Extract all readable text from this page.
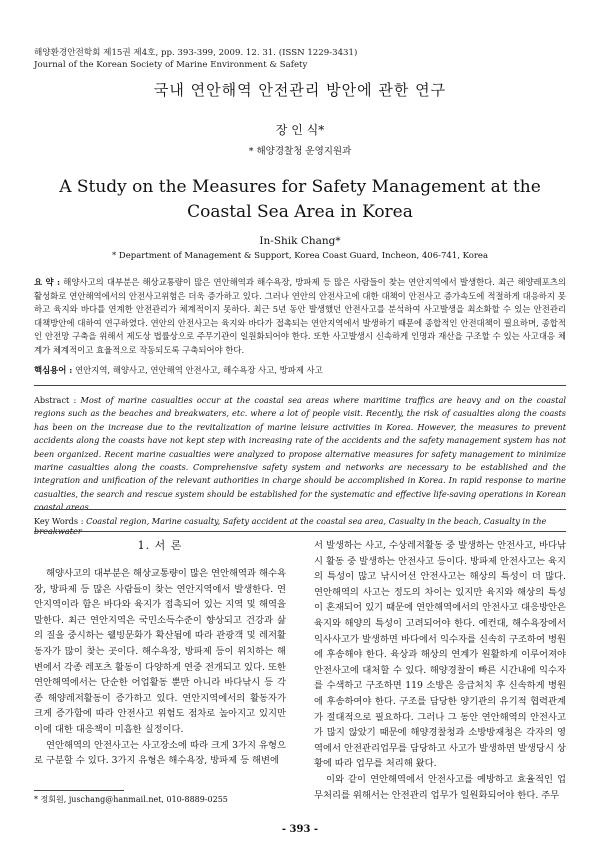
해양환경안전학회 제15권 제4호, pp. 393-399, 2009. 12. 31. (ISSN 1229-3431)
Journal of the Korean Society of Marine Environment & Safety
국내 연안해역 안전관리 방안에 관한 연구
장 인 식*
* 해양경찰청 운영지원과
A Study on the Measures for Safety Management at the Coastal Sea Area in Korea
In-Shik Chang*
* Department of Management & Support, Korea Coast Guard, Incheon, 406-741, Korea
요 약 : 해양사고의 대부분은 해상교통량이 많은 연안해역과 해수욕장, 방파제 등 많은 사람들이 찾는 연안지역에서 발생한다. 최근 해양레포츠의 활성화로 연안해역에서의 안전사고위험은 더욱 증가하고 있다. 그러나 연안의 안전사고에 대한 대책이 안전사고 증가속도에 적절하게 대응하지 못하고 육지와 바다를 연계한 안전관리가 체계적이지 못하다. 최근 5년 동안 발생했던 안전사고를 분석하여 사고발생을 최소화할 수 있는 안전관리 대책방안에 대하여 연구하였다. 연안의 안전사고는 육지와 바다가 접촉되는 연안지역에서 발생하기 때문에 종합적인 안전대책이 필요하며, 종합적인 안전망 구축을 위해서 제도상 법률상으로 주무기관이 일원화되어야 한다. 또한 사고발생시 신속하게 인명과 재산을 구조할 수 있는 사고대응 체계가 체계적이고 효율적으로 작동되도록 구축되어야 한다.
핵심용어 : 연안지역, 해양사고, 연안해역 안전사고, 해수욕장 사고, 방파제 사고
Abstract : Most of marine casualties occur at the coastal sea areas where maritime traffics are heavy and on the coastal regions such as the beaches and breakwaters, etc. where a lot of people visit. Recently, the risk of casualties along the coasts has been on the increase due to the revitalization of marine leisure activities in Korea. However, the measures to prevent accidents along the coasts have not kept step with increasing rate of the accidents and the safety management system has not been organized. Recent marine casualties were analyzed to propose alternative measures for safety management to minimize marine casualties along the coasts. Comprehensive safety system and networks are necessary to be established and the integration and unification of the relevant authorities in charge should be accomplished in Korea. In rapid response to marine casualties, the search and rescue system should be established for the systematic and effective life-saving operations in Korean coastal areas.
Key Words : Coastal region, Marine casualty, Safety accident at the coastal sea area, Casualty in the beach, Casualty in the breakwater
1. 서 론

해양사고의 대부분은 해상교통량이 많은 연안해역과 해수욕장, 방파제 등 많은 사람들이 찾는 연안지역에서 발생한다. 연안지역이라 함은 바다와 육지가 접촉되어 있는 지역 및 해역을 말한다. 최근 연안지역은 국민소득수준이 향상되고 건강과 삶의 질을 중시하는 웰빙문화가 확산됨에 따라 관광객 및 레저활동자가 많이 찾는 곳이다. 해수욕장, 방파제 등이 위치하는 해변에서 각종 레포츠 활동이 다양하게 연중 전개되고 있다. 또한 연안해역에서는 단순한 어업활동 뿐만 아니라 바다낚시 등 각종 해양레저활동이 증가하고 있다. 연안지역에서의 활동자가 크게 증가함에 따라 안전사고 위험도 점차로 높아지고 있지만 이에 대한 대응책이 미흡한 실정이다.

연안해역의 안전사고는 사고장소에 따라 크게 3가지 유형으로 구분할 수 있다. 3가지 유형은 해수욕장, 방파제 등 해변에

서 발생하는 사고, 수상레저활동 중 발생하는 안전사고, 바다낚시 활동 중 발생하는 안전사고 등이다. 방파제 안전사고는 육지의 특성이 많고 낚시어선 안전사고는 해상의 특성이 더 많다. 연안해역의 사고는 정도의 차이는 있지만 육지와 해상의 특성이 혼재되어 있기 때문에 연안해역에서의 안전사고 대응방안은 육지와 해양의 특성이 고려되어야 한다. 예컨대, 해수욕장에서 익사사고가 발생하면 바다에서 익수자를 신속히 구조하여 병원에 후송해야 한다. 육상과 해상의 연계가 원활하게 이루어져야 안전사고에 대처할 수 있다. 해양경찰이 빠른 시간내에 익수자를 수색하고 구조하면 119 소방은 응급처치 후 신속하게 병원에 후송하여야 한다. 구조를 담당한 양기관의 유기적 협력관계가 절대적으로 필요하다. 그러나 그 동안 연안해역의 안전사고가 많지 않았기 때문에 해양경찰청과 소방방재청은 각자의 영역에서 안전관리업무를 담당하고 사고가 발생하면 발생당시 상황에 따라 업무를 처리해 왔다.

이와 같이 연안해역에서 안전사고를 예방하고 효율적인 업무처리를 위해서는 안전관리 업무가 일원화되어야 한다. 주무

* 정회원, juschang@hanmail.net, 010-8889-0255
- 393 -
